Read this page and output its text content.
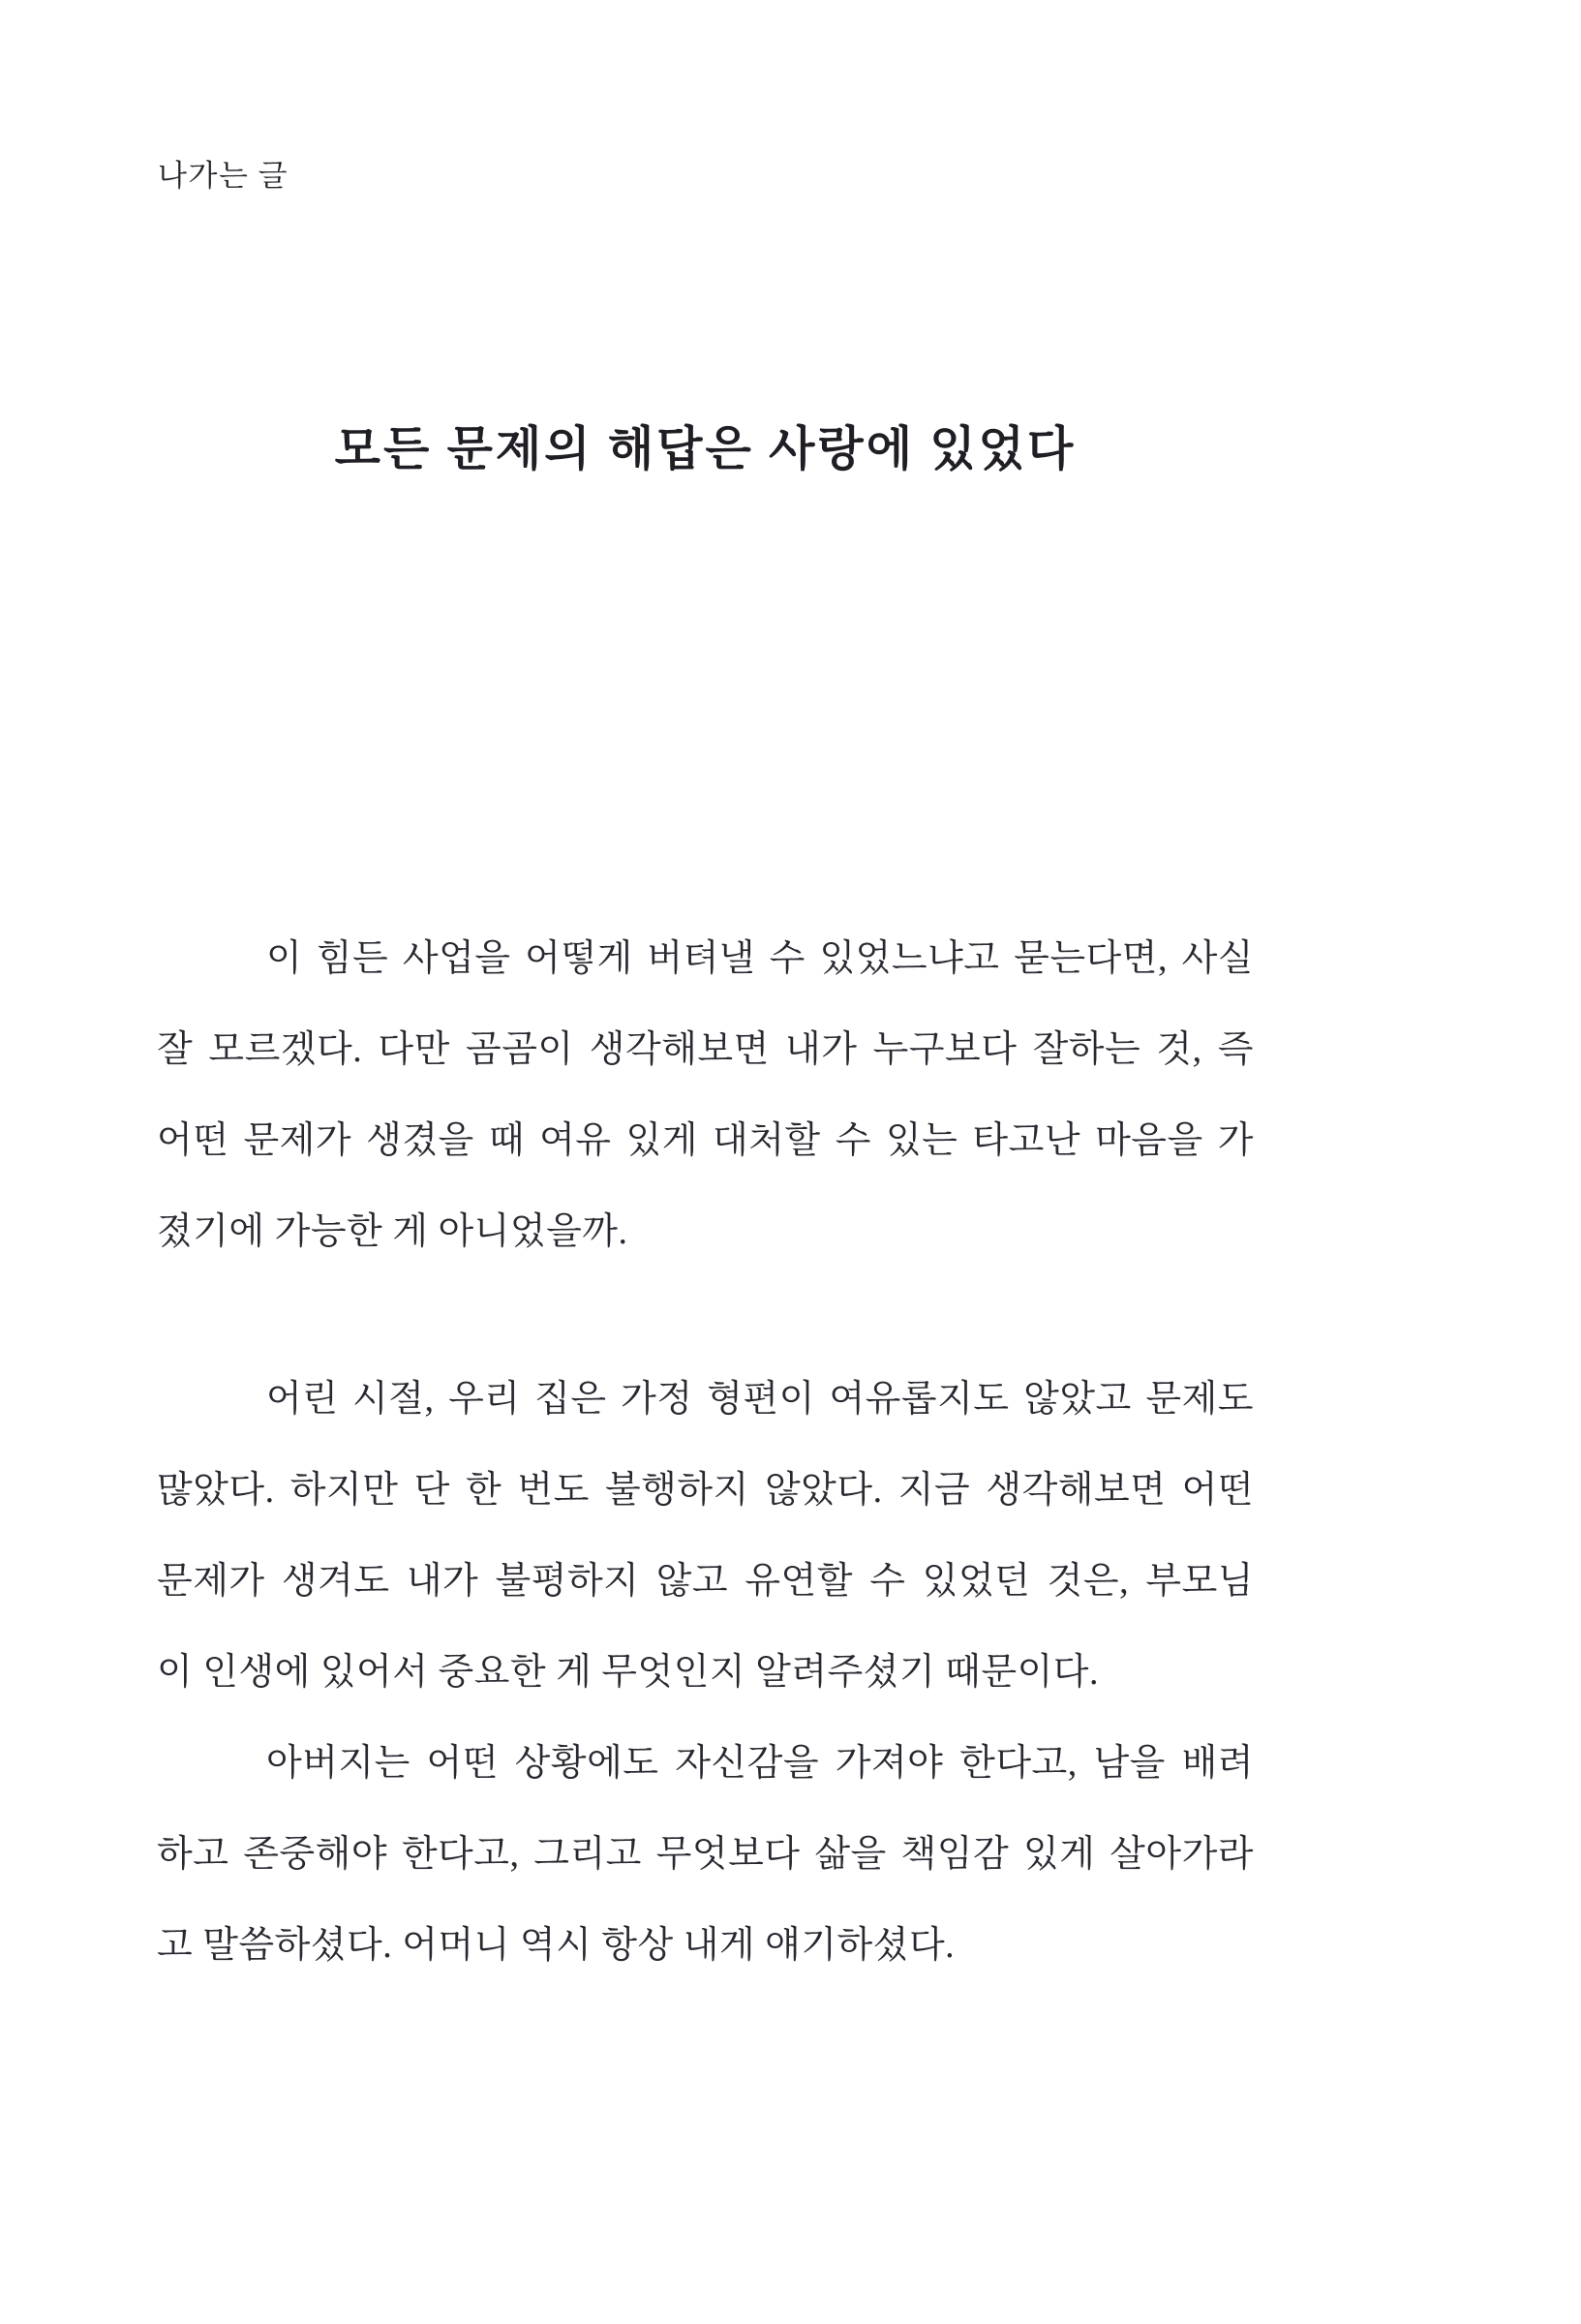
나가는 글
모든 문제의 해답은 사랑에 있었다
이 힘든 사업을 어떻게 버텨낼 수 있었느냐고 묻는다면, 사실
잘 모르겠다. 다만 곰곰이 생각해보면 내가 누구보다 잘하는 것, 즉
어떤 문제가 생겼을 때 여유 있게 대처할 수 있는 타고난 마음을 가
졌기에 가능한 게 아니었을까.
어린 시절, 우리 집은 가정 형편이 여유롭지도 않았고 문제도
많았다. 하지만 단 한 번도 불행하지 않았다. 지금 생각해보면 어떤
문제가 생겨도 내가 불평하지 않고 유연할 수 있었던 것은, 부모님
이 인생에 있어서 중요한 게 무엇인지 알려주셨기 때문이다.
아버지는 어떤 상황에도 자신감을 가져야 한다고, 남을 배려
하고 존중해야 한다고, 그리고 무엇보다 삶을 책임감 있게 살아가라
고 말씀하셨다. 어머니 역시 항상 내게 얘기하셨다.
